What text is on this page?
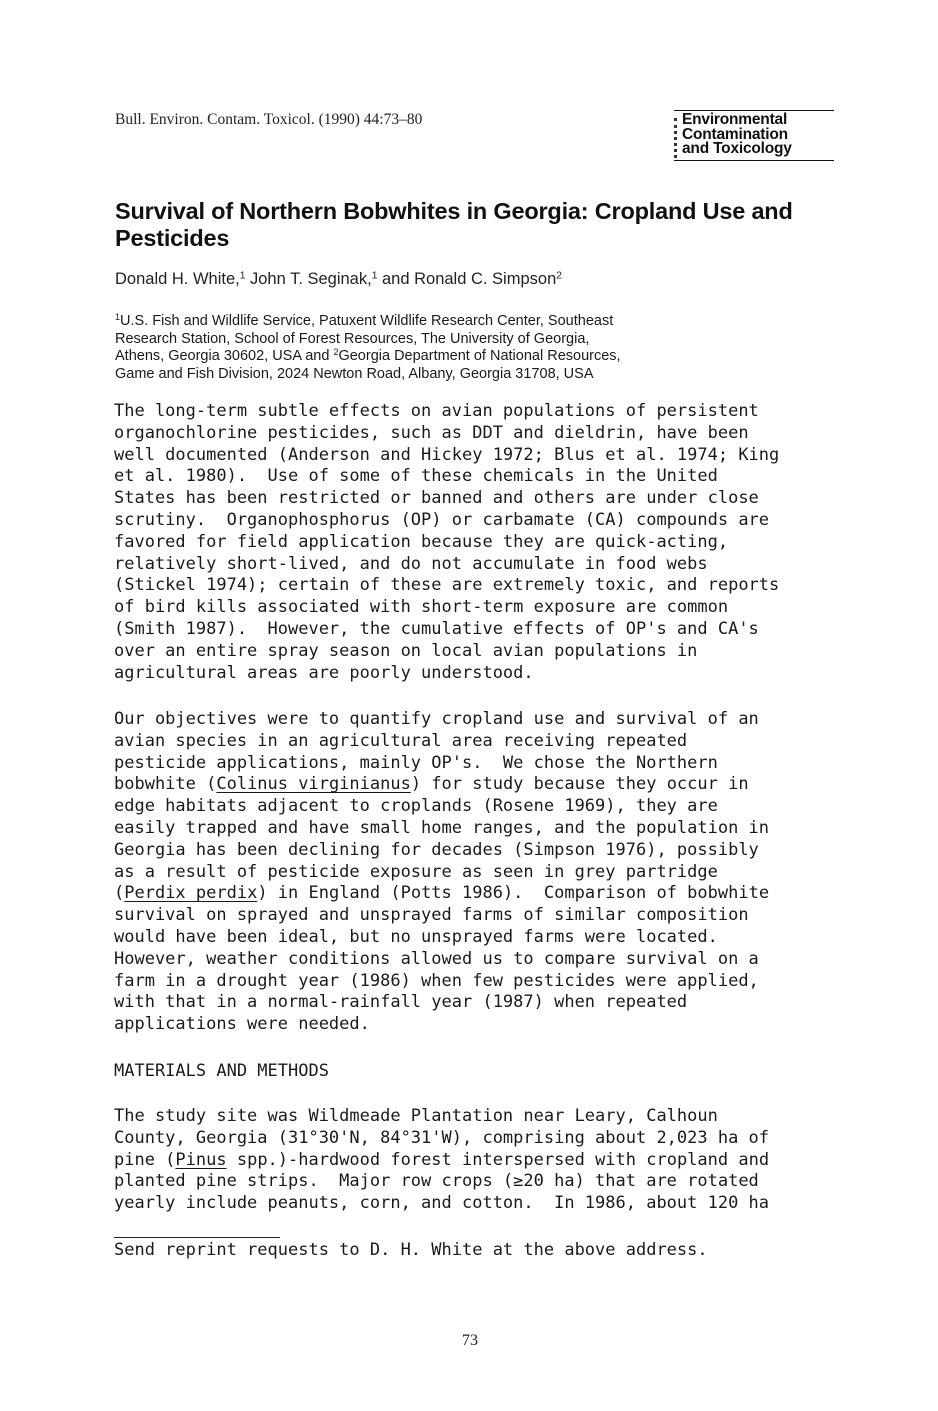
Bull. Environ. Contam. Toxicol. (1990) 44:73–80	Environmental
Contamination
and Toxicology
Survival of Northern Bobwhites in Georgia: Cropland Use and Pesticides
Donald H. White,$^1$ John T. Seginak,$^1$ and Ronald C. Simpson$^2$
$^1$U.S. Fish and Wildlife Service, Patuxent Wildlife Research Center, Southeast
Research Station, School of Forest Resources, The University of Georgia,
Athens, Georgia 30602, USA and $^2$Georgia Department of National Resources,
Game and Fish Division, 2024 Newton Road, Albany, Georgia 31708, USA
The long-term subtle effects on avian populations of persistent
organochlorine pesticides, such as DDT and dieldrin, have been
well documented (Anderson and Hickey 1972; Blus et al. 1974; King
et al. 1980).  Use of some of these chemicals in the United
States has been restricted or banned and others are under close
scrutiny.  Organophosphorus (OP) or carbamate (CA) compounds are
favored for field application because they are quick-acting,
relatively short-lived, and do not accumulate in food webs
(Stickel 1974); certain of these are extremely toxic, and reports
of bird kills associated with short-term exposure are common
(Smith 1987).  However, the cumulative effects of OP's and CA's
over an entire spray season on local avian populations in
agricultural areas are poorly understood.
Our objectives were to quantify cropland use and survival of an
avian species in an agricultural area receiving repeated
pesticide applications, mainly OP's.  We chose the Northern
bobwhite (Colinus virginianus) for study because they occur in
edge habitats adjacent to croplands (Rosene 1969), they are
easily trapped and have small home ranges, and the population in
Georgia has been declining for decades (Simpson 1976), possibly
as a result of pesticide exposure as seen in grey partridge
(Perdix perdix) in England (Potts 1986).  Comparison of bobwhite
survival on sprayed and unsprayed farms of similar composition
would have been ideal, but no unsprayed farms were located.
However, weather conditions allowed us to compare survival on a
farm in a drought year (1986) when few pesticides were applied,
with that in a normal-rainfall year (1987) when repeated
applications were needed.
MATERIALS AND METHODS
The study site was Wildmeade Plantation near Leary, Calhoun
County, Georgia (31°30'N, 84°31'W), comprising about 2,023 ha of
pine (Pinus spp.)-hardwood forest interspersed with cropland and
planted pine strips.  Major row crops (≥20 ha) that are rotated
yearly include peanuts, corn, and cotton.  In 1986, about 120 ha
Send reprint requests to D. H. White at the above address.
73
